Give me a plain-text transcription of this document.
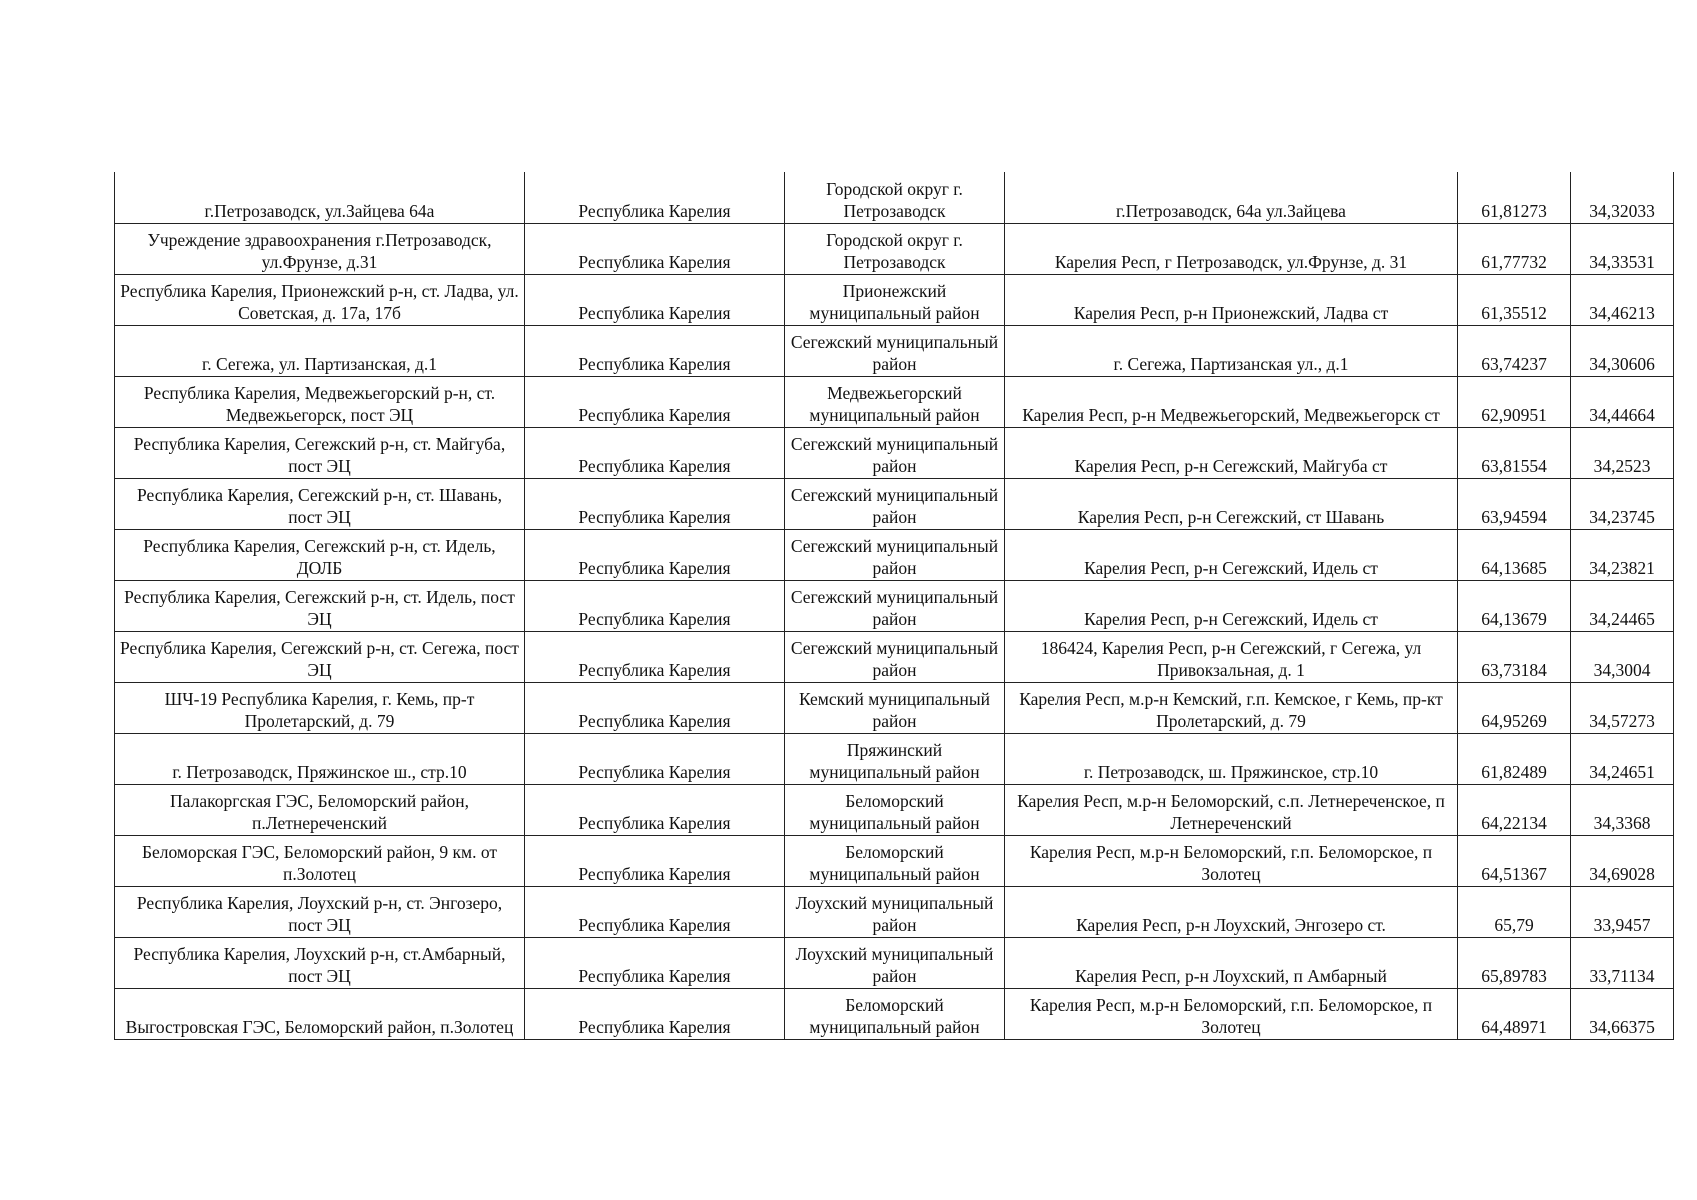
г.Петрозаводск, ул.Зайцева 64а	Республика Карелия	Городской округ г. Петрозаводск	г.Петрозаводск, 64а ул.Зайцева	61,81273	34,32033
Учреждение здравоохранения г.Петрозаводск, ул.Фрунзе, д.31	Республика Карелия	Городской округ г. Петрозаводск	Карелия Респ, г Петрозаводск, ул.Фрунзе, д. 31	61,77732	34,33531
Республика Карелия, Прионежский р-н, ст. Ладва, ул. Советская, д. 17а, 17б	Республика Карелия	Прионежский муниципальный район	Карелия Респ, р-н Прионежский, Ладва ст	61,35512	34,46213
г. Сегежа, ул. Партизанская, д.1	Республика Карелия	Сегежский муниципальный район	г. Сегежа, Партизанская ул., д.1	63,74237	34,30606
Республика Карелия, Медвежьегорский р-н, ст. Медвежьегорск, пост ЭЦ	Республика Карелия	Медвежьегорский муниципальный район	Карелия Респ, р-н Медвежьегорский, Медвежьегорск ст	62,90951	34,44664
Республика Карелия, Сегежский р-н, ст. Майгуба, пост ЭЦ	Республика Карелия	Сегежский муниципальный район	Карелия Респ, р-н Сегежский, Майгуба ст	63,81554	34,2523
Республика Карелия, Сегежский р-н, ст. Шавань, пост ЭЦ	Республика Карелия	Сегежский муниципальный район	Карелия Респ, р-н Сегежский, ст Шавань	63,94594	34,23745
Республика Карелия, Сегежский р-н, ст. Идель, ДОЛБ	Республика Карелия	Сегежский муниципальный район	Карелия Респ, р-н Сегежский, Идель ст	64,13685	34,23821
Республика Карелия, Сегежский р-н, ст. Идель, пост ЭЦ	Республика Карелия	Сегежский муниципальный район	Карелия Респ, р-н Сегежский, Идель ст	64,13679	34,24465
Республика Карелия, Сегежский р-н, ст. Сегежа, пост ЭЦ	Республика Карелия	Сегежский муниципальный район	186424, Карелия Респ, р-н Сегежский, г Сегежа, ул Привокзальная, д. 1	63,73184	34,3004
ШЧ-19 Республика Карелия, г. Кемь, пр-т Пролетарский, д. 79	Республика Карелия	Кемский муниципальный район	Карелия Респ, м.р-н Кемский, г.п. Кемское, г Кемь, пр-кт Пролетарский, д. 79	64,95269	34,57273
г. Петрозаводск, Пряжинское ш., стр.10	Республика Карелия	Пряжинский муниципальный район	г. Петрозаводск, ш. Пряжинское, стр.10	61,82489	34,24651
Палакоргская ГЭС, Беломорский район, п.Летнереченский	Республика Карелия	Беломорский муниципальный район	Карелия Респ, м.р-н Беломорский, с.п. Летнереченское, п Летнереченский	64,22134	34,3368
Беломорская ГЭС, Беломорский район, 9 км. от п.Золотец	Республика Карелия	Беломорский муниципальный район	Карелия Респ, м.р-н Беломорский, г.п. Беломорское, п Золотец	64,51367	34,69028
Республика Карелия, Лоухский р-н, ст. Энгозеро, пост ЭЦ	Республика Карелия	Лоухский муниципальный район	Карелия Респ, р-н Лоухский, Энгозеро ст.	65,79	33,9457
Республика Карелия, Лоухский р-н, ст.Амбарный, пост ЭЦ	Республика Карелия	Лоухский муниципальный район	Карелия Респ, р-н Лоухский, п Амбарный	65,89783	33,71134
Выгостровская ГЭС, Беломорский район, п.Золотец	Республика Карелия	Беломорский муниципальный район	Карелия Респ, м.р-н Беломорский, г.п. Беломорское, п Золотец	64,48971	34,66375
